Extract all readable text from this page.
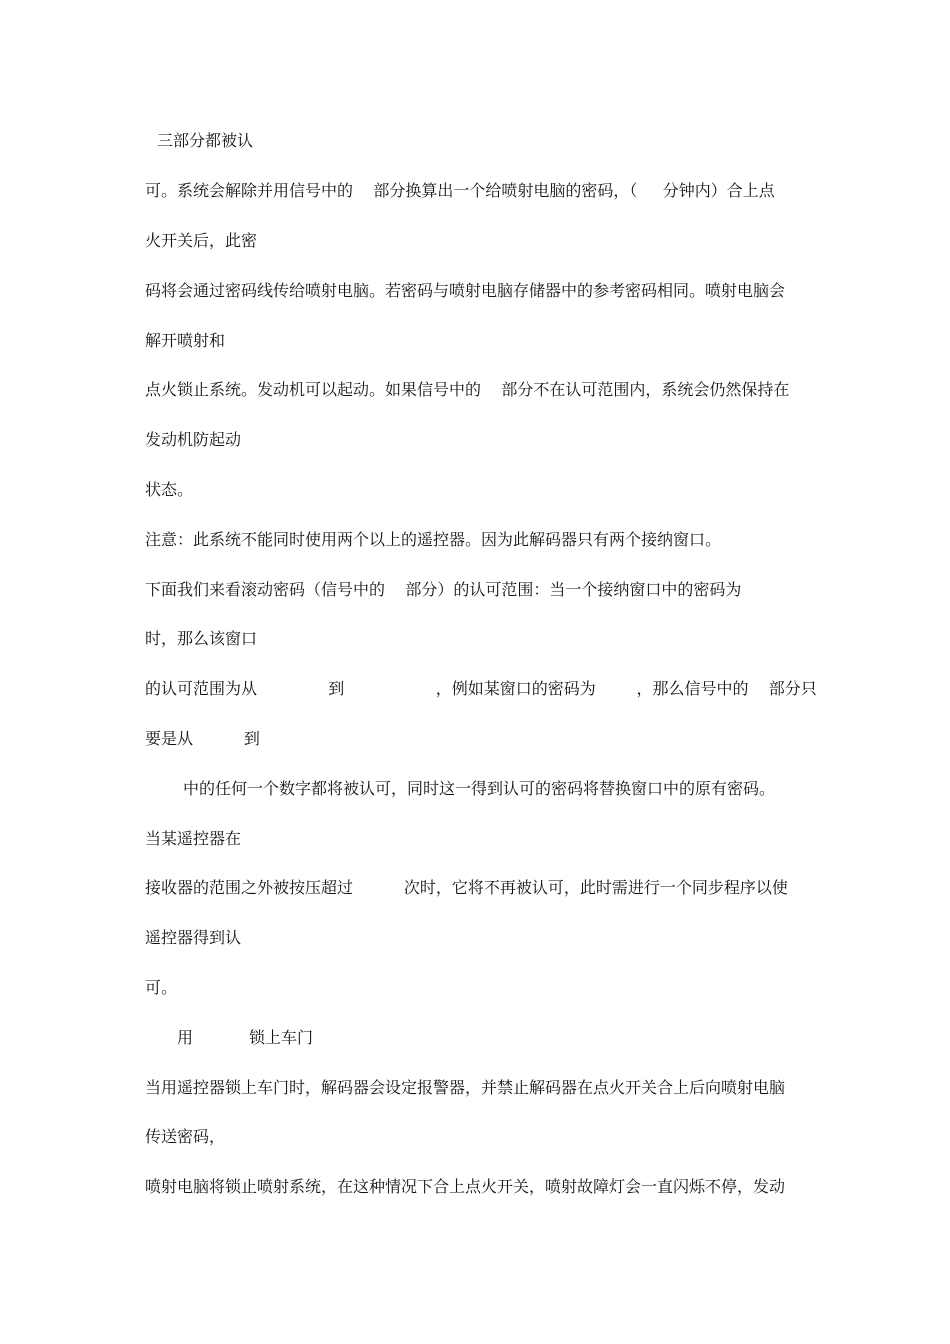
三部分都被认
可。系统会解除并用信号中的    部分换算出一个给喷射电脑的密码，（     分钟内）合上点
火开关后，此密
码将会通过密码线传给喷射电脑。若密码与喷射电脑存储器中的参考密码相同。喷射电脑会
解开喷射和
点火锁止系统。发动机可以起动。如果信号中的    部分不在认可范围内，系统会仍然保持在
发动机防起动
状态。
注意：此系统不能同时使用两个以上的遥控器。因为此解码器只有两个接纳窗口。
下面我们来看滚动密码（信号中的    部分）的认可范围：当一个接纳窗口中的密码为
时，那么该窗口
的认可范围为从              到                  ，例如某窗口的密码为        ，那么信号中的    部分只
要是从          到
中的任何一个数字都将被认可，同时这一得到认可的密码将替换窗口中的原有密码。
当某遥控器在
接收器的范围之外被按压超过          次时，它将不再被认可，此时需进行一个同步程序以使
遥控器得到认
可。
用           锁上车门
当用遥控器锁上车门时，解码器会设定报警器，并禁止解码器在点火开关合上后向喷射电脑
传送密码，
喷射电脑将锁止喷射系统，在这种情况下合上点火开关，喷射故障灯会一直闪烁不停，发动
